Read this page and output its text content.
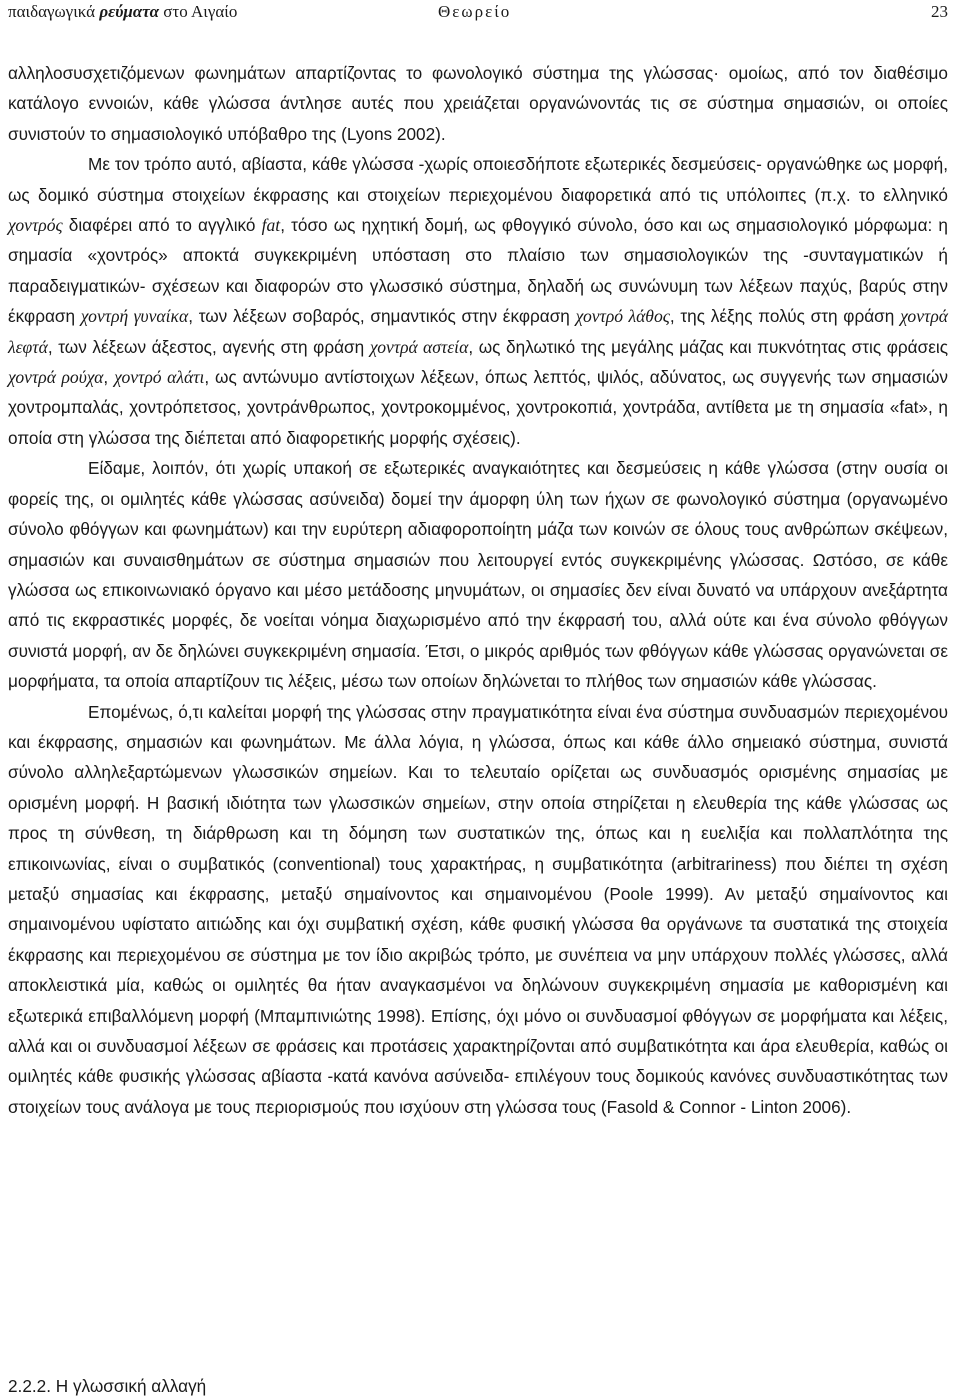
παιδαγωγικά ρεύματα στο Αιγαίο	Θεωρείο	23

αλληλοσυσχετιζόμενων φωνημάτων απαρτίζοντας το φωνολογικό σύστημα της γλώσσας· ομοίως, από τον διαθέσιμο κατάλογο εννοιών, κάθε γλώσσα άντλησε αυτές που χρειάζεται οργανώνοντάς τις σε σύστημα σημασιών, οι οποίες συνιστούν το σημασιολογικό υπόβαθρο της (Lyons 2002).

Με τον τρόπο αυτό, αβίαστα, κάθε γλώσσα -χωρίς οποιεσδήποτε εξωτερικές δεσμεύσεις- οργανώθηκε ως μορφή, ως δομικό σύστημα στοιχείων έκφρασης και στοιχείων περιεχομένου διαφορετικά από τις υπόλοιπες (π.χ. το ελληνικό χοντρός διαφέρει από το αγγλικό fat, τόσο ως ηχητική δομή, ως φθογγικό σύνολο, όσο και ως σημασιολογικό μόρφωμα: η σημασία «χοντρός» αποκτά συγκεκριμένη υπόσταση στο πλαίσιο των σημασιολογικών της -συνταγματικών ή παραδειγματικών- σχέσεων και διαφορών στο γλωσσικό σύστημα, δηλαδή ως συνώνυμη των λέξεων παχύς, βαρύς στην έκφραση χοντρή γυναίκα, των λέξεων σοβαρός, σημαντικός στην έκφραση χοντρό λάθος, της λέξης πολύς στη φράση χοντρά λεφτά, των λέξεων άξεστος, αγενής στη φράση χοντρά αστεία, ως δηλωτικό της μεγάλης μάζας και πυκνότητας στις φράσεις χοντρά ρούχα, χοντρό αλάτι, ως αντώνυμο αντίστοιχων λέξεων, όπως λεπτός, ψιλός, αδύνατος, ως συγγενής των σημασιών χοντρομπαλάς, χοντρόπετσος, χοντράνθρωπος, χοντροκομμένος, χοντροκοπιά, χοντράδα, αντίθετα με τη σημασία «fat», η οποία στη γλώσσα της διέπεται από διαφορετικής μορφής σχέσεις).

Είδαμε, λοιπόν, ότι χωρίς υπακοή σε εξωτερικές αναγκαιότητες και δεσμεύσεις η κάθε γλώσσα (στην ουσία οι φορείς της, οι ομιλητές κάθε γλώσσας ασύνειδα) δομεί την άμορφη ύλη των ήχων σε φωνολογικό σύστημα (οργανωμένο σύνολο φθόγγων και φωνημάτων) και την ευρύτερη αδιαφοροποίητη μάζα των κοινών σε όλους τους ανθρώπων σκέψεων, σημασιών και συναισθημάτων σε σύστημα σημασιών που λειτουργεί εντός συγκεκριμένης γλώσσας. Ωστόσο, σε κάθε γλώσσα ως επικοινωνιακό όργανο και μέσο μετάδοσης μηνυμάτων, οι σημασίες δεν είναι δυνατό να υπάρχουν ανεξάρτητα από τις εκφραστικές μορφές, δε νοείται νόημα διαχωρισμένο από την έκφρασή του, αλλά ούτε και ένα σύνολο φθόγγων συνιστά μορφή, αν δε δηλώνει συγκεκριμένη σημασία. Έτσι, ο μικρός αριθμός των φθόγγων κάθε γλώσσας οργανώνεται σε μορφήματα, τα οποία απαρτίζουν τις λέξεις, μέσω των οποίων δηλώνεται το πλήθος των σημασιών κάθε γλώσσας.

Επομένως, ό,τι καλείται μορφή της γλώσσας στην πραγματικότητα είναι ένα σύστημα συνδυασμών περιεχομένου και έκφρασης, σημασιών και φωνημάτων. Με άλλα λόγια, η γλώσσα, όπως και κάθε άλλο σημειακό σύστημα, συνιστά σύνολο αλληλεξαρτώμενων γλωσσικών σημείων. Και το τελευταίο ορίζεται ως συνδυασμός ορισμένης σημασίας με ορισμένη μορφή. Η βασική ιδιότητα των γλωσσικών σημείων, στην οποία στηρίζεται η ελευθερία της κάθε γλώσσας ως προς τη σύνθεση, τη διάρθρωση και τη δόμηση των συστατικών της, όπως και η ευελιξία και πολλαπλότητα της επικοινωνίας, είναι ο συμβατικός (conventional) τους χαρακτήρας, η συμβατικότητα (arbitrariness) που διέπει τη σχέση μεταξύ σημασίας και έκφρασης, μεταξύ σημαίνοντος και σημαινομένου (Poole 1999). Αν μεταξύ σημαίνοντος και σημαινομένου υφίστατο αιτιώδης και όχι συμβατική σχέση, κάθε φυσική γλώσσα θα οργάνωνε τα συστατικά της στοιχεία έκφρασης και περιεχομένου σε σύστημα με τον ίδιο ακριβώς τρόπο, με συνέπεια να μην υπάρχουν πολλές γλώσσες, αλλά αποκλειστικά μία, καθώς οι ομιλητές θα ήταν αναγκασμένοι να δηλώνουν συγκεκριμένη σημασία με καθορισμένη και εξωτερικά επιβαλλόμενη μορφή (Μπαμπινιώτης 1998). Επίσης, όχι μόνο οι συνδυασμοί φθόγγων σε μορφήματα και λέξεις, αλλά και οι συνδυασμοί λέξεων σε φράσεις και προτάσεις χαρακτηρίζονται από συμβατικότητα και άρα ελευθερία, καθώς οι ομιλητές κάθε φυσικής γλώσσας αβίαστα -κατά κανόνα ασύνειδα- επιλέγουν τους δομικούς κανόνες συνδυαστικότητας των στοιχείων τους ανάλογα με τους περιορισμούς που ισχύουν στη γλώσσα τους (Fasold & Connor - Linton 2006).

2.2.2. Η γλωσσική αλλαγή
